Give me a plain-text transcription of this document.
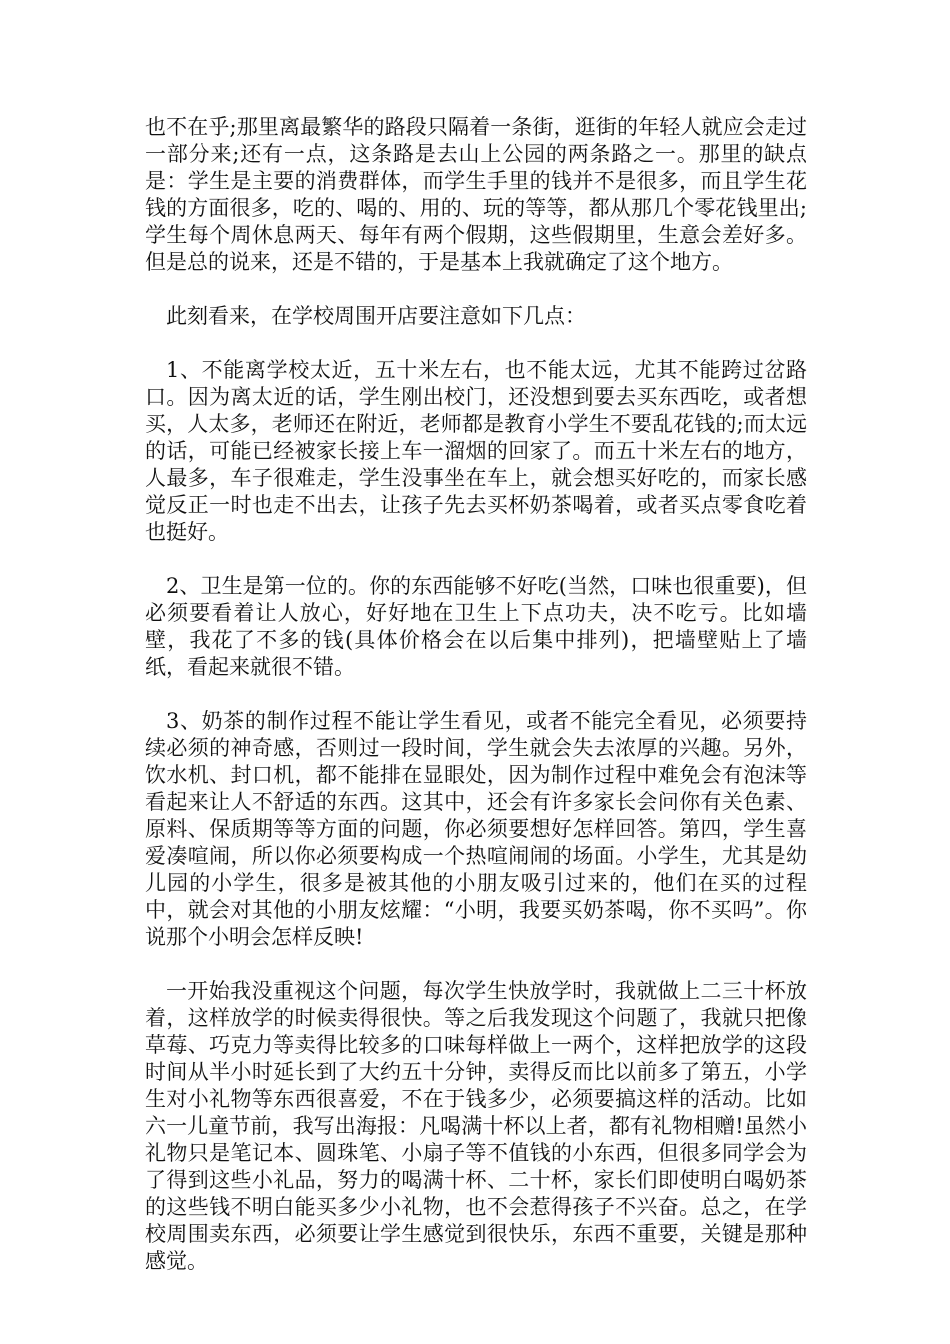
也不在乎;那里离最繁华的路段只隔着一条街，逛街的年轻人就应会走过一部分来;还有一点，这条路是去山上公园的两条路之一。那里的缺点是：学生是主要的消费群体，而学生手里的钱并不是很多，而且学生花钱的方面很多，吃的、喝的、用的、玩的等等，都从那几个零花钱里出;学生每个周休息两天、每年有两个假期，这些假期里，生意会差好多。但是总的说来，还是不错的，于是基本上我就确定了这个地方。

此刻看来，在学校周围开店要注意如下几点：

1、不能离学校太近，五十米左右，也不能太远，尤其不能跨过岔路口。因为离太近的话，学生刚出校门，还没想到要去买东西吃，或者想买，人太多，老师还在附近，老师都是教育小学生不要乱花钱的;而太远的话，可能已经被家长接上车一溜烟的回家了。而五十米左右的地方，人最多，车子很难走，学生没事坐在车上，就会想买好吃的，而家长感觉反正一时也走不出去，让孩子先去买杯奶茶喝着，或者买点零食吃着也挺好。

2、卫生是第一位的。你的东西能够不好吃(当然，口味也很重要)，但必须要看着让人放心，好好地在卫生上下点功夫，决不吃亏。比如墙壁，我花了不多的钱(具体价格会在以后集中排列)，把墙壁贴上了墙纸，看起来就很不错。

3、奶茶的制作过程不能让学生看见，或者不能完全看见，必须要持续必须的神奇感，否则过一段时间，学生就会失去浓厚的兴趣。另外，饮水机、封口机，都不能排在显眼处，因为制作过程中难免会有泡沫等看起来让人不舒适的东西。这其中，还会有许多家长会问你有关色素、原料、保质期等等方面的问题，你必须要想好怎样回答。第四，学生喜爱凑喧闹，所以你必须要构成一个热喧闹闹的场面。小学生，尤其是幼儿园的小学生，很多是被其他的小朋友吸引过来的，他们在买的过程中，就会对其他的小朋友炫耀：“小明，我要买奶茶喝，你不买吗”。你说那个小明会怎样反映!

一开始我没重视这个问题，每次学生快放学时，我就做上二三十杯放着，这样放学的时候卖得很快。等之后我发现这个问题了，我就只把像草莓、巧克力等卖得比较多的口味每样做上一两个，这样把放学的这段时间从半小时延长到了大约五十分钟，卖得反而比以前多了第五，小学生对小礼物等东西很喜爱，不在于钱多少，必须要搞这样的活动。比如六一儿童节前，我写出海报：凡喝满十杯以上者，都有礼物相赠!虽然小礼物只是笔记本、圆珠笔、小扇子等不值钱的小东西，但很多同学会为了得到这些小礼品，努力的喝满十杯、二十杯，家长们即使明白喝奶茶的这些钱不明白能买多少小礼物，也不会惹得孩子不兴奋。总之，在学校周围卖东西，必须要让学生感觉到很快乐，东西不重要，关键是那种感觉。
